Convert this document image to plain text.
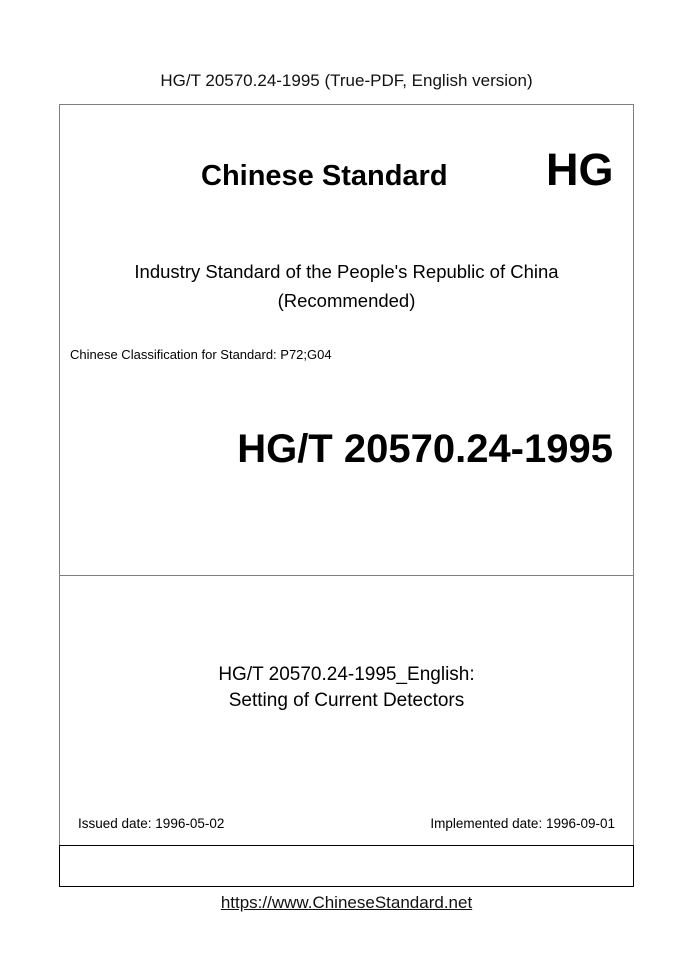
HG/T 20570.24-1995 (True-PDF, English version)
Chinese Standard HG
Industry Standard of the People's Republic of China
(Recommended)
Chinese Classification for Standard: P72;G04
HG/T 20570.24-1995
HG/T 20570.24-1995_English:
Setting of Current Detectors
Issued date: 1996-05-02	Implemented date: 1996-09-01
https://www.ChineseStandard.net
